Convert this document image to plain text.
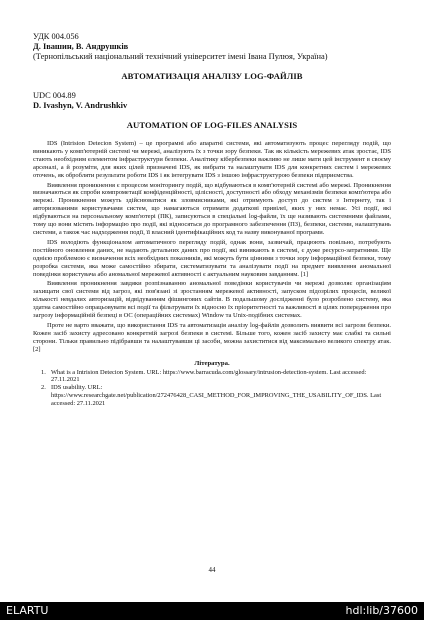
УДК 004.056
Д. Івашин, В. Андрушків
(Тернопільський національний технічний університет імені Івана Пулюя, Україна)
АВТОМАТИЗАЦІЯ АНАЛІЗУ LOG-ФАЙЛІВ
UDC 004.89
D. Ivashyn, V. Andrushkiv
AUTOMATION OF LOG-FILES ANALYSIS

IDS (Intrision Detecion System) – це програмні або апаратні системи, які автоматизують процес перегляду подій, що виникають у комп'ютерній системі чи мережі, аналізують їх з точки зору безпеки. Так як кількість мережевих атак зростає, IDS стають необхідним елементом інфраструктури безпеки. Аналітику кібербезпеки важливо не лише мати цей інструмент в своєму арсеналі, а й розуміти, для яких цілей призначені IDS, як вибрати та налаштувати IDS для конкретних систем і мережевих оточень, як обробляти результати роботи IDS і як інтегрувати IDS з іншою інфраструктурою безпеки підприємства.

Виявлення проникнення є процесом моніторингу подій, що відбуваються в комп'ютерній системі або мережі. Проникнення визначаються як спроби компрометації конфіденційності, цілісності, доступності або обходу механізмів безпеки комп'ютера або мережі. Проникнення можуть здійснюватися як зловмисниками, які отримують доступ до систем з Інтернету, так і авторизованими користувачами систем, що намагаються отримати додаткові привілеї, яких у них немає. Усі події, які відбуваються на персональному комп'ютері (ПК), записуються в спеціальні log-файли, їх ще називають системними файлами, тому що вони містять інформацію про події, які відносяться до програмного забезпечення (ПЗ), безпеки, системи, налаштувань системи, а також час надходження події, її власний ідентифікаційних код та назву виконуваної програми.

IDS володіють функціоналом автоматичного перегляду подій, однак вони, зазвичай, працюють повільно, потребують постійного оновлення даних, не надають детальних даних про події, які виникають в системі, є дуже ресурсо-затратними. Ще однією проблемою є визначення всіх необхідних показників, які можуть бути цінними з точки зору інформаційної безпеки, тому розробка системи, яка може самостійно збирати, систематизувати та аналізувати події на предмет виявлення аномальної поведінки користувача або аномальної мережевої активності є актуальним науковим завданням. [1]

Виявлення проникнення завдяки розпізнаванню аномальної поведінки користувачів чи мережі дозволяє організаціям захищати свої системи від загроз, які пов'язані зі зростанням мережевої активності, запуском підозрілих процесів, великої кількості невдалих авторизацій, відвідуванням фішингових сайтів. В подальшому дослідженні було розроблено систему, яка здатна самостійно опрацьовувати всі події та фільтрувати їх відносно їх пріоритетності та важливості в цілях попередження про загрозу інформаційній безпеці в ОС (операційних системах) Window та Unix-подібних системах.

Проте не варто вважати, що використання IDS та автоматизація аналізу log-файлів дозволить виявити всі загрози безпеки. Кожен засіб захисту адресовано конкретній загрозі безпеки в системі. Більше того, кожен засіб захисту має слабкі та сильні сторони. Тільки правильно підібравши та налаштувавши ці засоби, можна захиститися від максимально великого спектру атак. [2]

Література.
1. What is a Intrision Detecion System. URL: https://www.barracuda.com/glossary/intrusion-detection-system. Last accessed: 27.11.2021
2. IDS usability. URL: https://www.researchgate.net/publication/272476428_CASI_METHOD_FOR_IMPROVING_THE_USABILITY_OF_IDS. Last accessed: 27.11.2021
44
ELARTU	hdl:lib/37600
